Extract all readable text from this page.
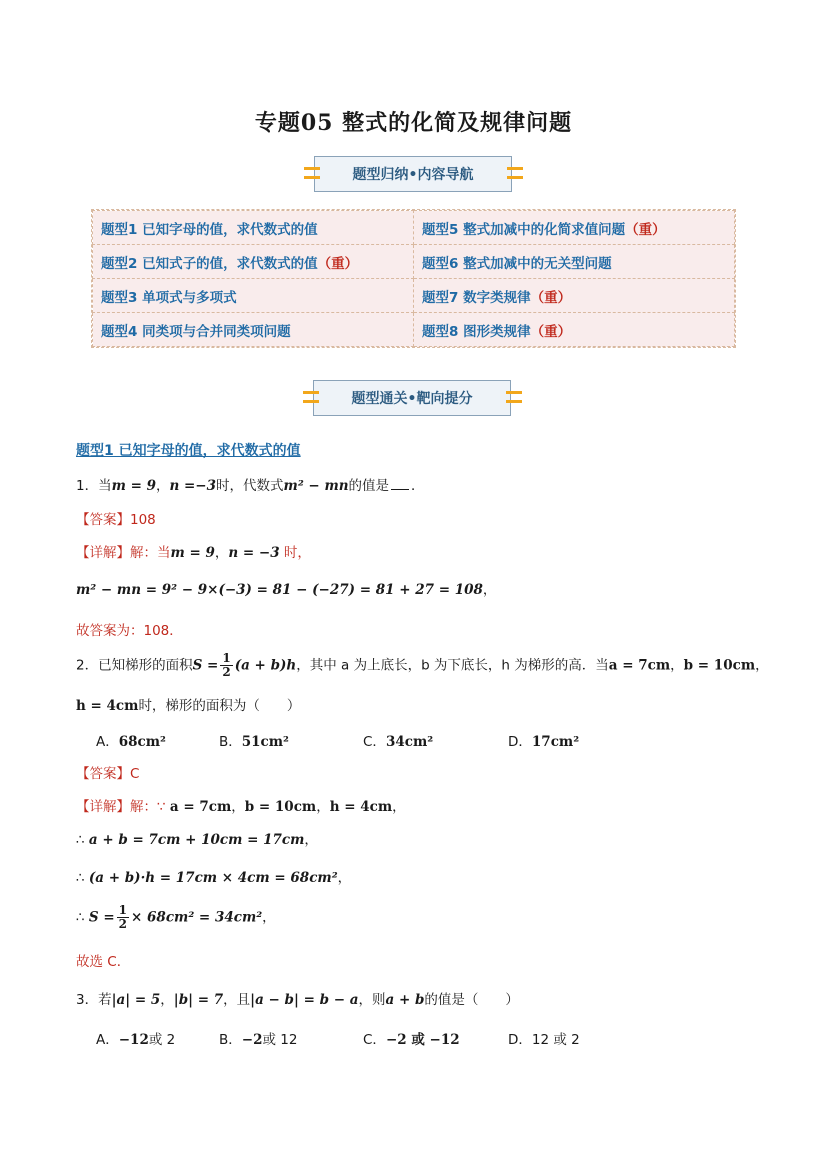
专题05 整式的化简及规律问题
题型归纳•内容导航
题型1 已知字母的值，求代数式的值	题型5 整式加减中的化简求值问题（重）
题型2 已知式子的值，求代数式的值（重）	题型6 整式加减中的无关型问题
题型3 单项式与多项式	题型7 数字类规律（重）
题型4 同类项与合并同类项问题	题型8 图形类规律（重）
题型通关•靶向提分
题型1 已知字母的值，求代数式的值
1．当m = 9，n =−3时，代数式m² − mn的值是 ．
【答案】108
【详解】解：当m = 9，n = −3 时，
m² − mn = 9² − 9×(−3) = 81 − (−27) = 81 + 27 = 108，
故答案为：108．
2．已知梯形的面积$S = \frac{1}{2} (a + b)h$，其中 a 为上底长，b 为下底长，h 为梯形的高．当a = 7cm，b = 10cm，
h = 4cm时，梯形的面积为（　　）
A．68cm²	B．51cm²	C．34cm²	D．17cm²
【答案】C
【详解】解：∵ a = 7cm，b = 10cm，h = 4cm，
∴ a + b = 7cm + 10cm = 17cm，
∴ (a + b)·h = 17cm × 4cm = 68cm²，
∴ $S = \frac{1}{2} \times 68cm^2 = 34cm^2$，
故选 C．
3．若|a| = 5，|b| = 7，且|a − b| = b − a，则a + b的值是（　　）
A．−12或 2	B．−2或 12	C．−2 或 −12	D．12 或 2
